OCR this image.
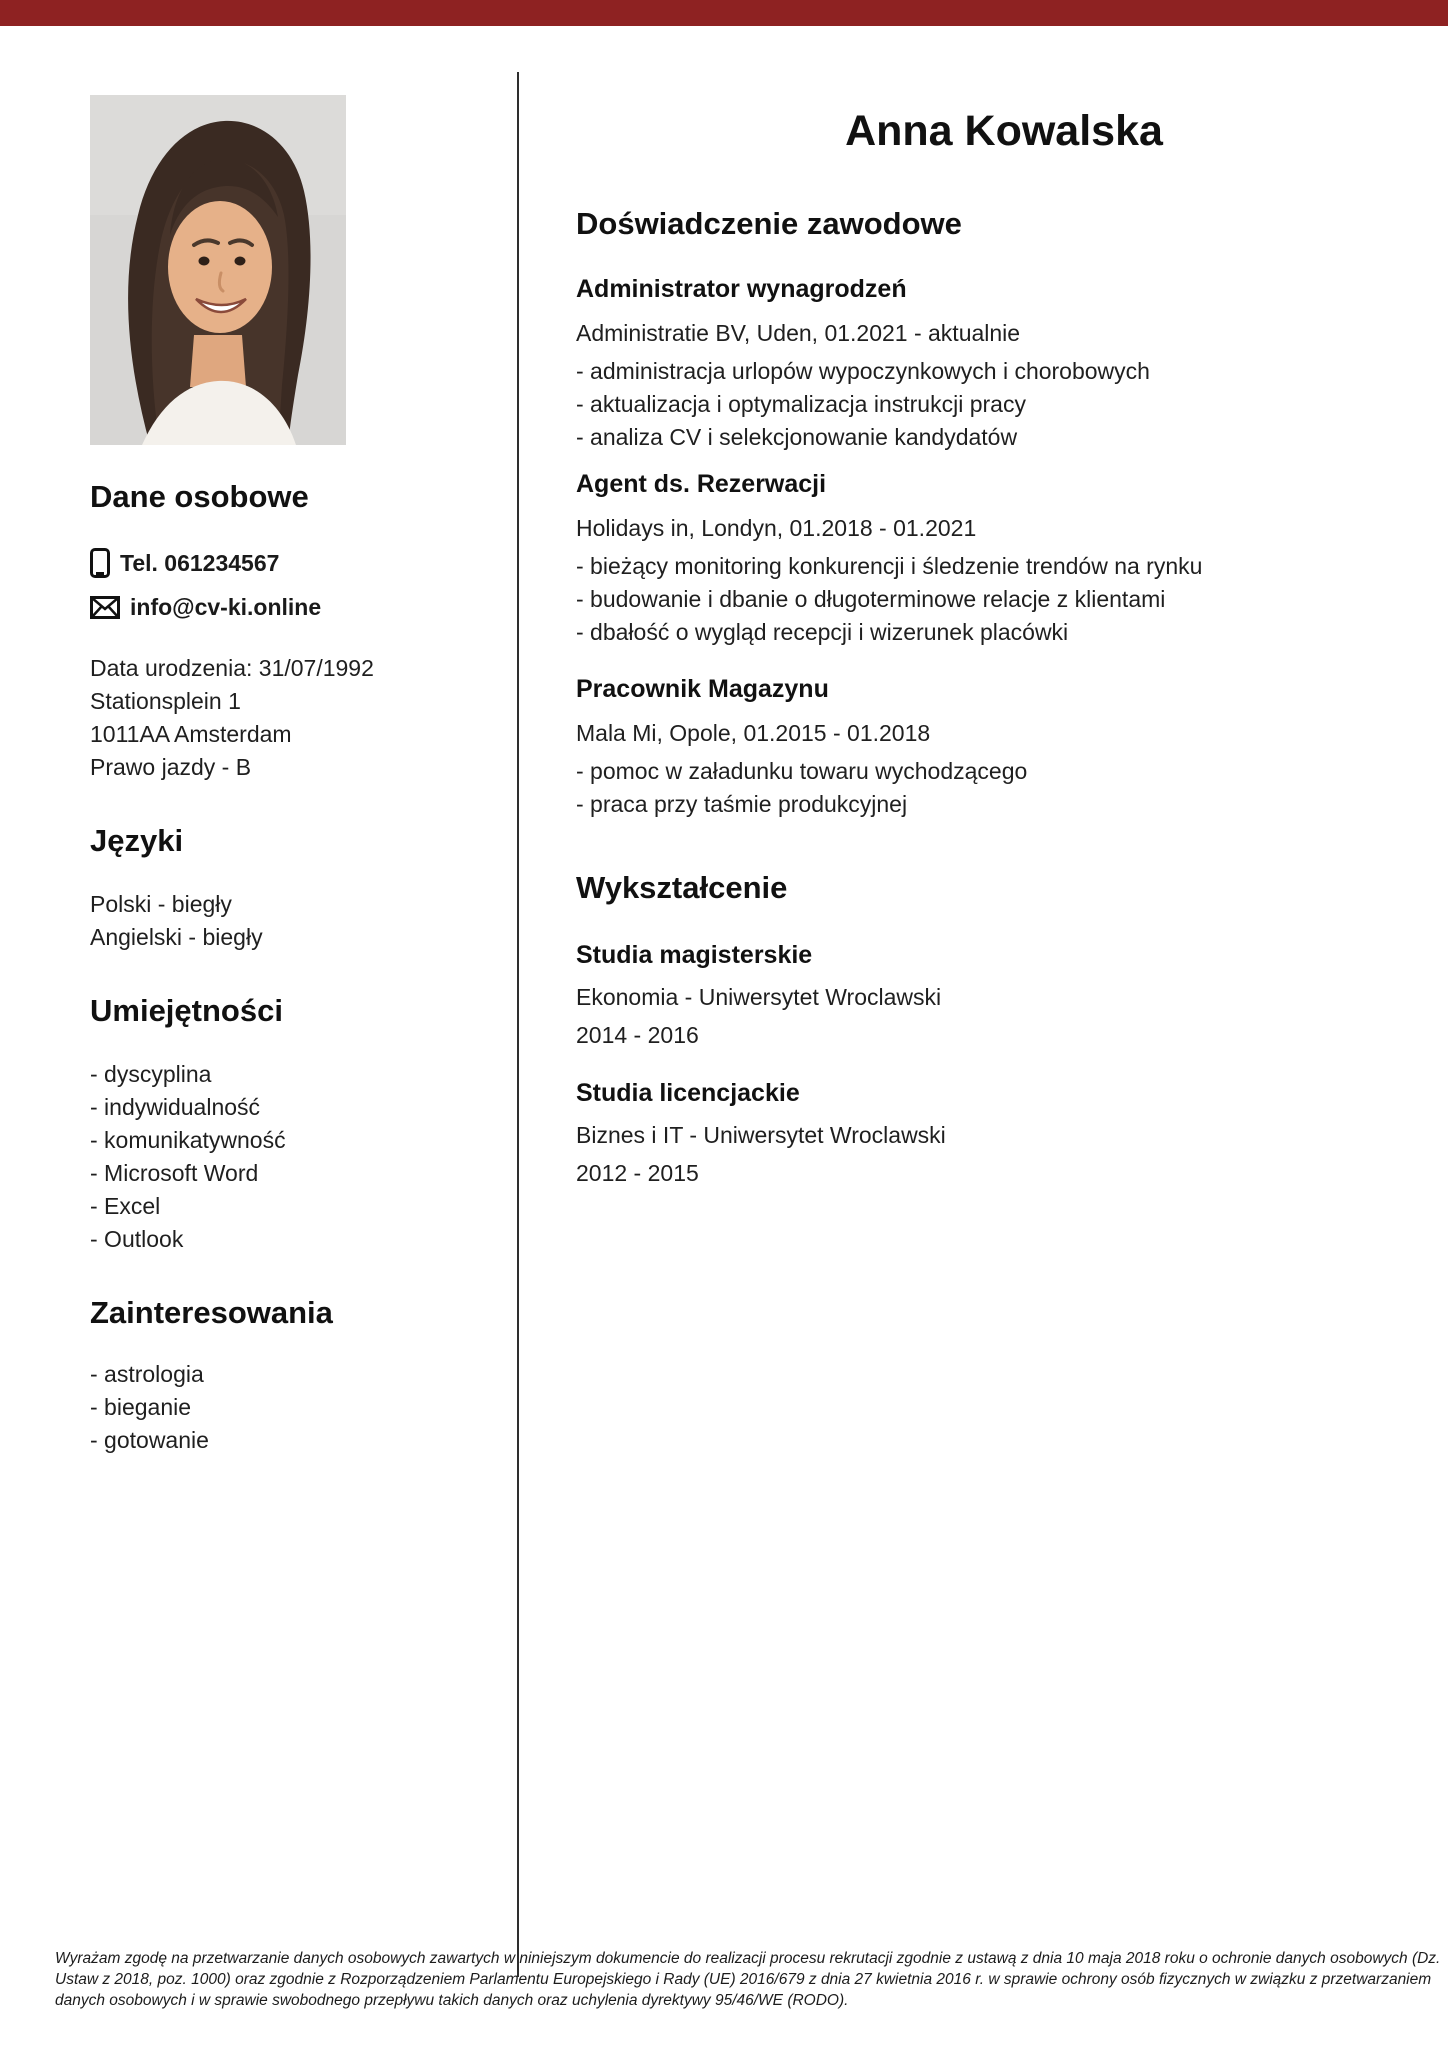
Dane osobowe
Tel. 061234567
info@cv-ki.online
Data urodzenia: 31/07/1992
Stationsplein 1
1011AA Amsterdam
Prawo jazdy - B
Języki
Polski - biegły
Angielski - biegły
Umiejętności
- dyscyplina
- indywidualność
- komunikatywność
- Microsoft Word
- Excel
- Outlook
Zainteresowania
- astrologia
- bieganie
- gotowanie
Anna Kowalska
Doświadczenie zawodowe
Administrator wynagrodzeń
Administratie BV, Uden, 01.2021 - aktualnie
- administracja urlopów wypoczynkowych i chorobowych
- aktualizacja i optymalizacja instrukcji pracy
- analiza CV i selekcjonowanie kandydatów
Agent ds. Rezerwacji
Holidays in, Londyn, 01.2018 - 01.2021
- bieżący monitoring konkurencji i śledzenie trendów na rynku
- budowanie i dbanie o długoterminowe relacje z klientami
- dbałość o wygląd recepcji i wizerunek placówki
Pracownik Magazynu
Mala Mi, Opole, 01.2015 - 01.2018
- pomoc w załadunku towaru wychodzącego
- praca przy taśmie produkcyjnej
Wykształcenie
Studia magisterskie
Ekonomia - Uniwersytet Wroclawski
2014 - 2016
Studia licencjackie
Biznes i IT - Uniwersytet Wroclawski
2012 - 2015
Wyrażam zgodę na przetwarzanie danych osobowych zawartych w niniejszym dokumencie do realizacji procesu rekrutacji zgodnie z ustawą z dnia 10 maja 2018 roku o ochronie danych osobowych (Dz. Ustaw z 2018, poz. 1000) oraz zgodnie z Rozporządzeniem Parlamentu Europejskiego i Rady (UE) 2016/679 z dnia 27 kwietnia 2016 r. w sprawie ochrony osób fizycznych w związku z przetwarzaniem danych osobowych i w sprawie swobodnego przepływu takich danych oraz uchylenia dyrektywy 95/46/WE (RODO).
